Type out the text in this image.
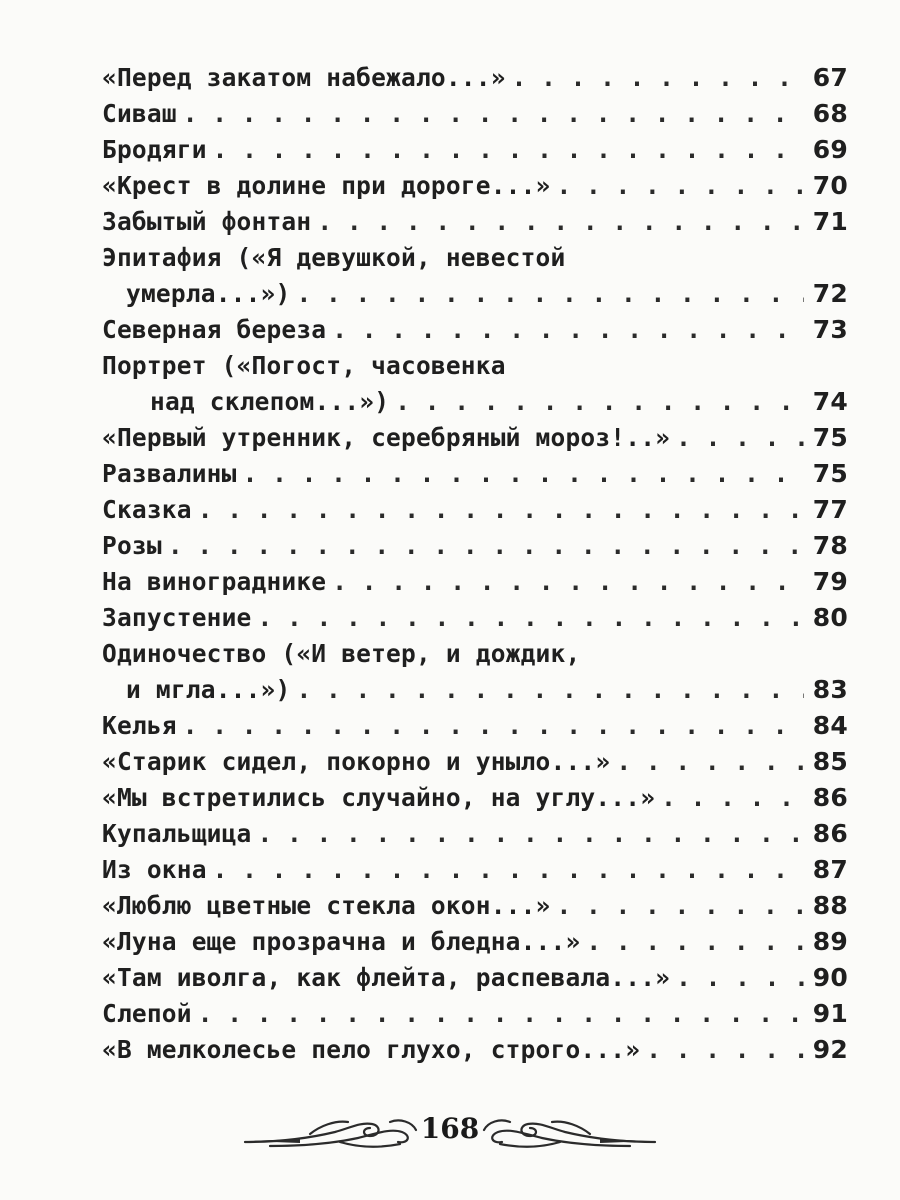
«Перед закатом набежало...» . . .	67
Сиваш . . .	68
Бродяги . . .	69
«Крест в долине при дороге...» . . .	70
Забытый фонтан . . .	71
Эпитафия («Я девушкой, невестой
умерла...») . . .	72
Северная береза . . .	73
Портрет («Погост, часовенка
над склепом...») . . .	74
«Первый утренник, серебряный мороз!..» . . .	75
Развалины . . .	75
Сказка . . .	77
Розы . . .	78
На винограднике . . .	79
Запустение . . .	80
Одиночество («И ветер, и дождик,
и мгла...») . . .	83
Келья . . .	84
«Старик сидел, покорно и уныло...» . . .	85
«Мы встретились случайно, на углу...» . . .	86
Купальщица . . .	86
Из окна . . .	87
«Люблю цветные стекла окон...» . . .	88
«Луна еще прозрачна и бледна...» . . .	89
«Там иволга, как флейта, распевала...» . . .	90
Слепой . . .	91
«В мелколесье пело глухо, строго...» . . .	92
168
